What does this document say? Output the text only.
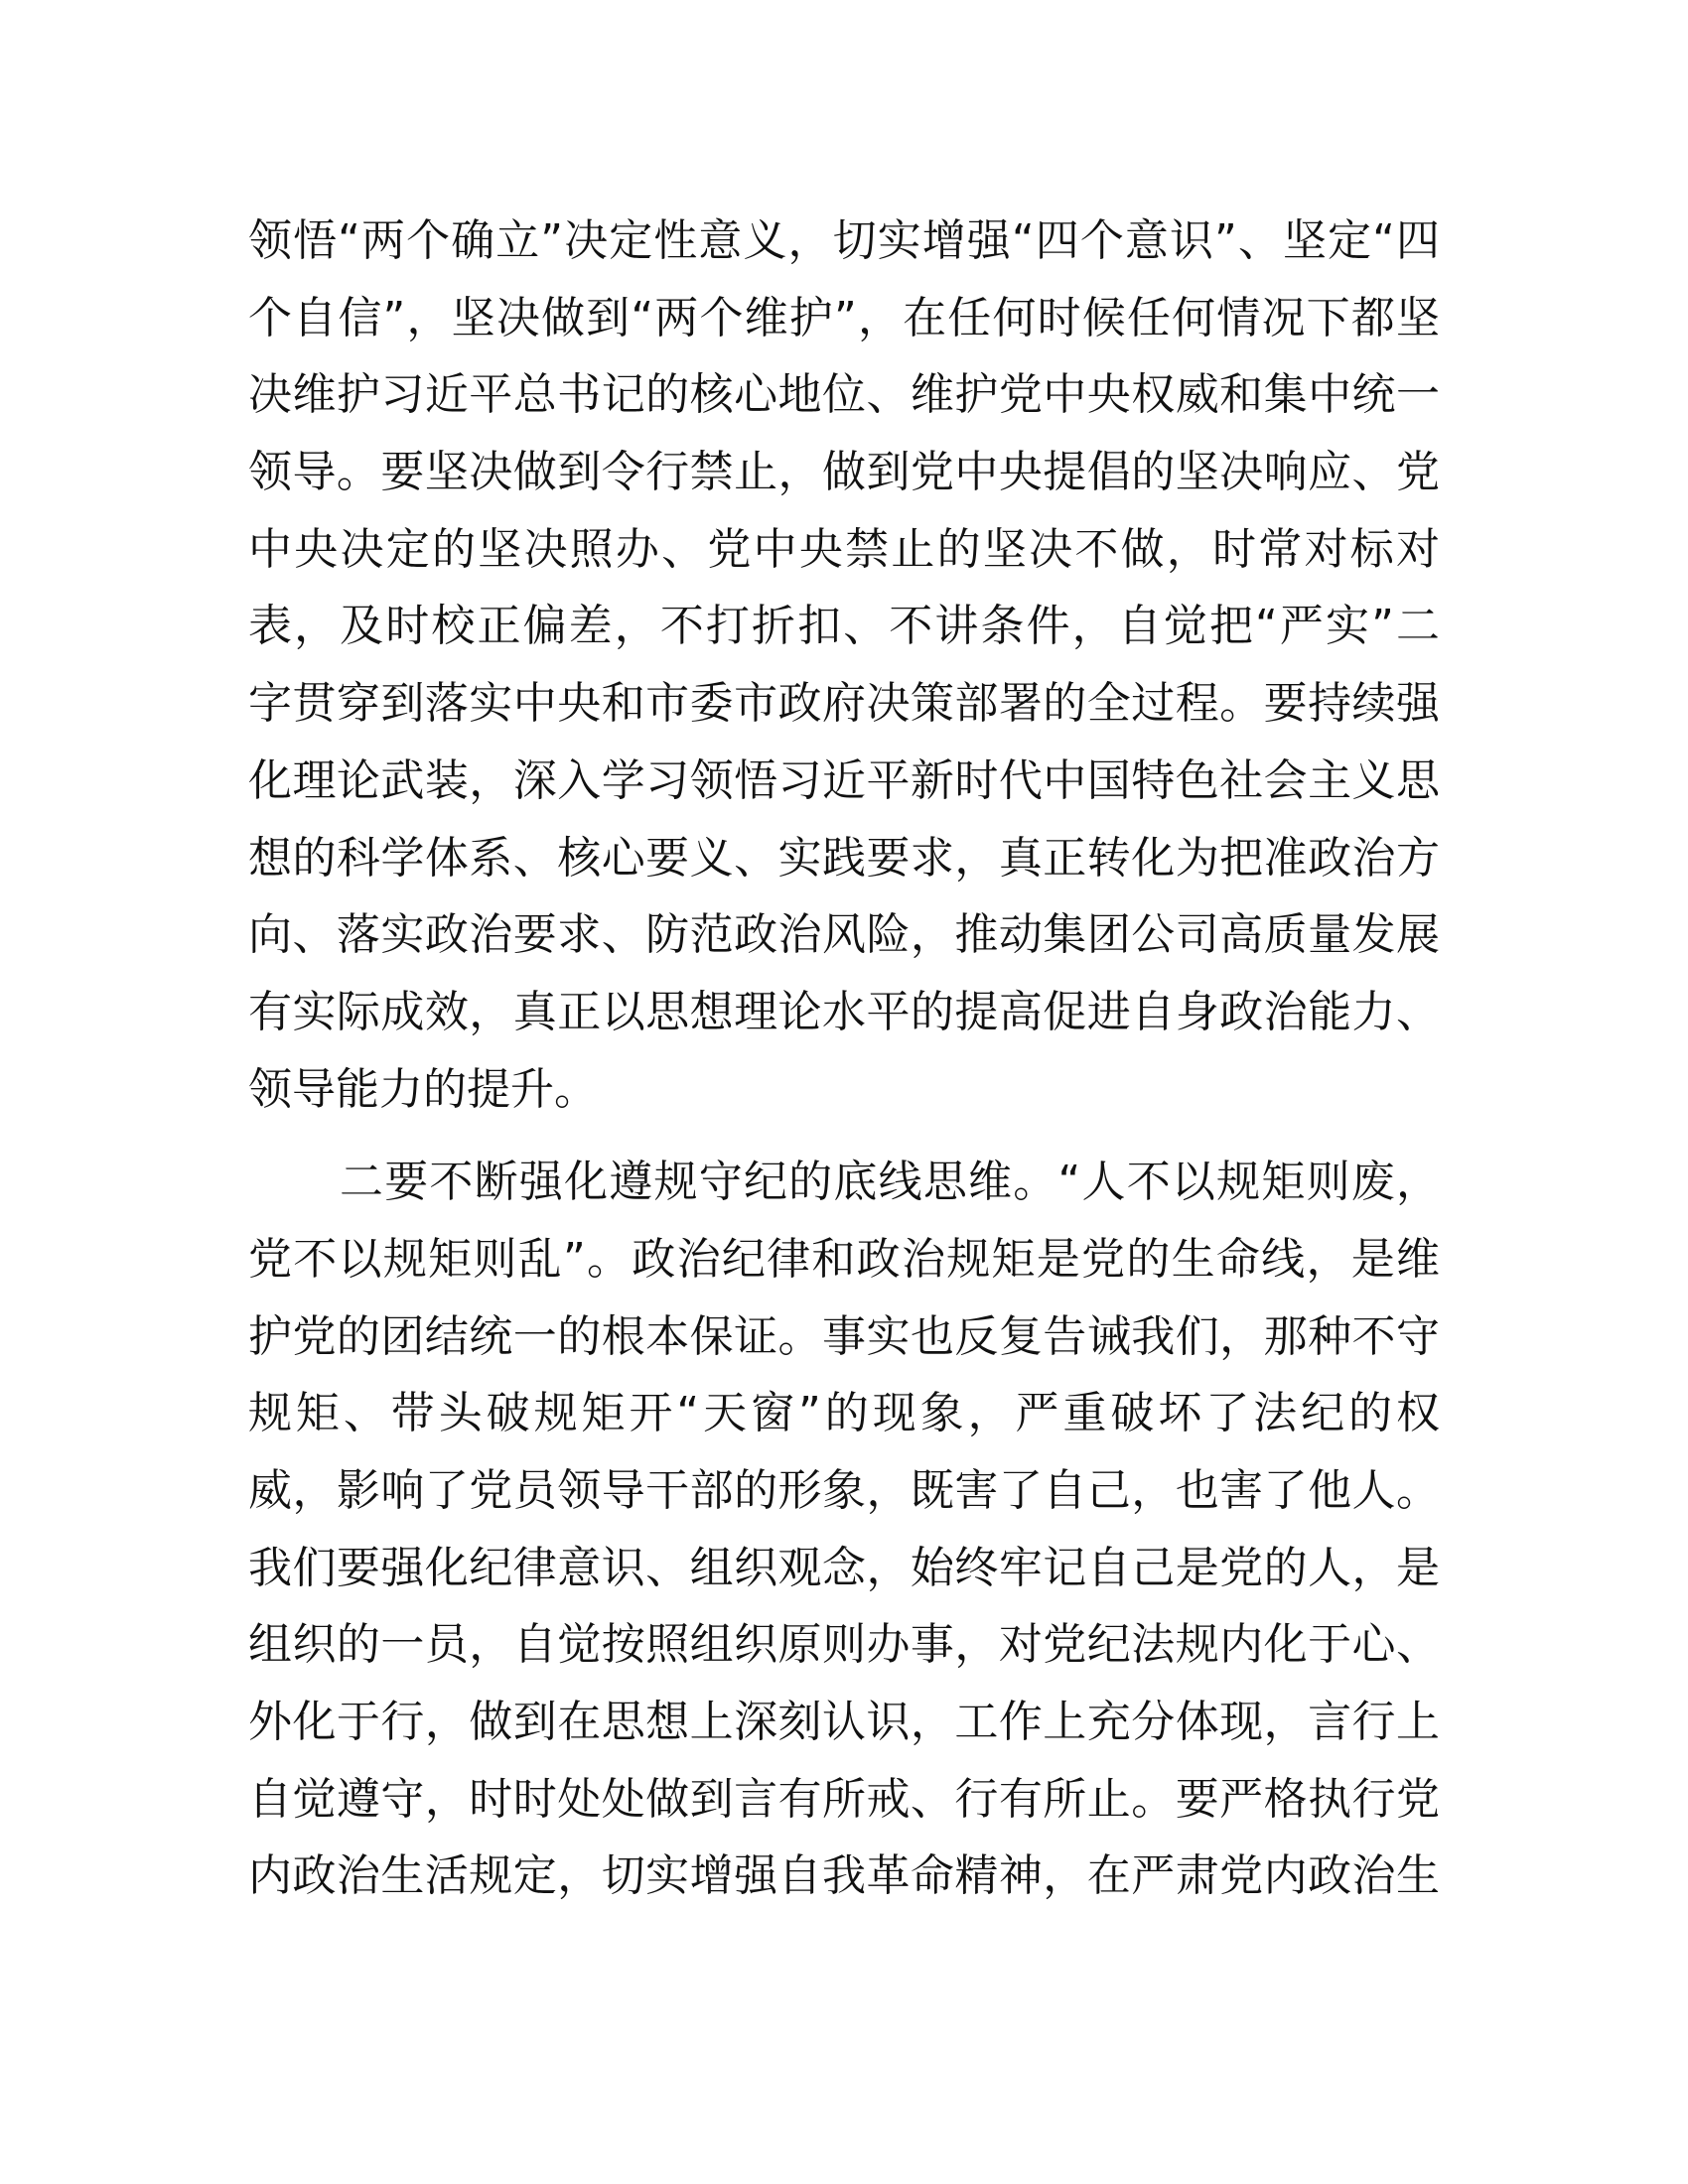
领悟“两个确立”决定性意义，切实增强“四个意识”、坚定“四
个自信”，坚决做到“两个维护”，在任何时候任何情况下都坚
决维护习近平总书记的核心地位、维护党中央权威和集中统一
领导。要坚决做到令行禁止，做到党中央提倡的坚决响应、党
中央决定的坚决照办、党中央禁止的坚决不做，时常对标对
表，及时校正偏差，不打折扣、不讲条件，自觉把“严实”二
字贯穿到落实中央和市委市政府决策部署的全过程。要持续强
化理论武装，深入学习领悟习近平新时代中国特色社会主义思
想的科学体系、核心要义、实践要求，真正转化为把准政治方
向、落实政治要求、防范政治风险，推动集团公司高质量发展
有实际成效，真正以思想理论水平的提高促进自身政治能力、
领导能力的提升。
二要不断强化遵规守纪的底线思维。“人不以规矩则废，
党不以规矩则乱”。政治纪律和政治规矩是党的生命线，是维
护党的团结统一的根本保证。事实也反复告诫我们，那种不守
规矩、带头破规矩开“天窗”的现象，严重破坏了法纪的权
威，影响了党员领导干部的形象，既害了自己，也害了他人。
我们要强化纪律意识、组织观念，始终牢记自己是党的人，是
组织的一员，自觉按照组织原则办事，对党纪法规内化于心、
外化于行，做到在思想上深刻认识，工作上充分体现，言行上
自觉遵守，时时处处做到言有所戒、行有所止。要严格执行党
内政治生活规定，切实增强自我革命精神，在严肃党内政治生
